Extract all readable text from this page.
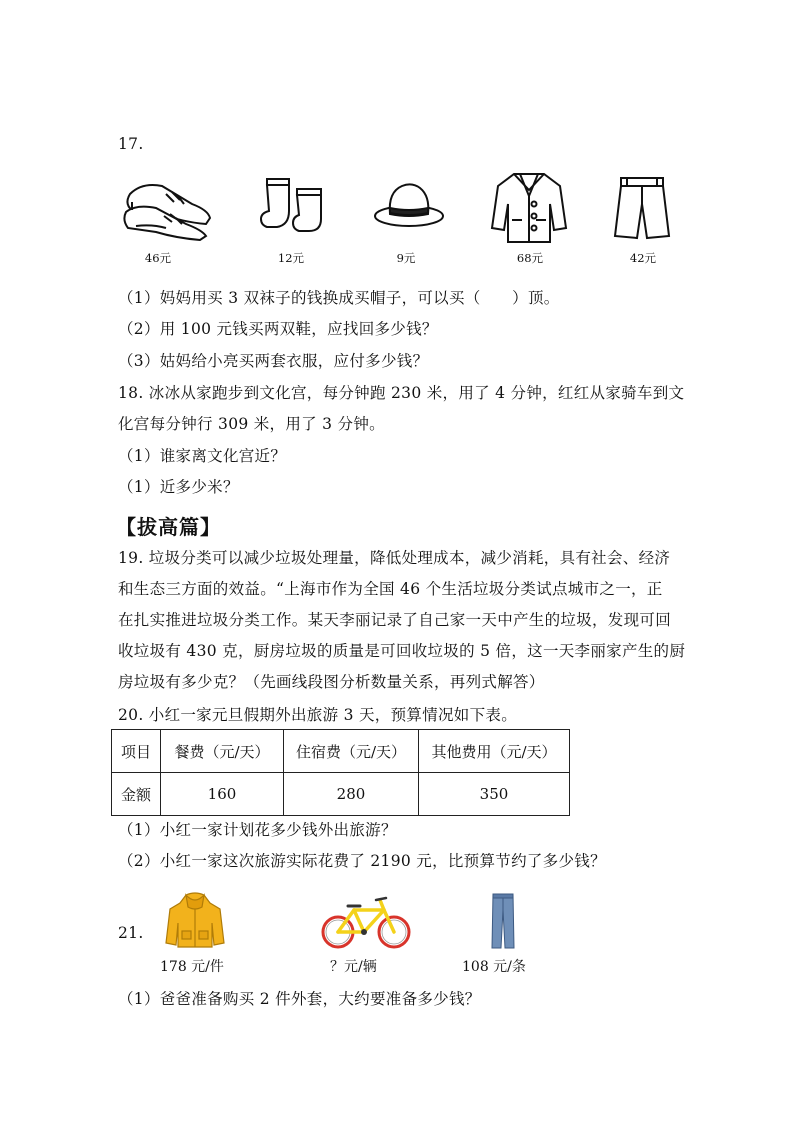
17.
46元	12元	9元	68元	42元
（1）妈妈用买 3 双袜子的钱换成买帽子，可以买（　　）顶。
（2）用 100 元钱买两双鞋，应找回多少钱？
（3）姑妈给小亮买两套衣服，应付多少钱？
18. 冰冰从家跑步到文化宫，每分钟跑 230 米，用了 4 分钟，红红从家骑车到文
化宫每分钟行 309 米，用了 3 分钟。
（1）谁家离文化宫近？
（1）近多少米？
【拔高篇】
19. 垃圾分类可以减少垃圾处理量，降低处理成本，减少消耗，具有社会、经济
和生态三方面的效益。“上海市作为全国 46 个生活垃圾分类试点城市之一，正
在扎实推进垃圾分类工作。某天李丽记录了自己家一天中产生的垃圾，发现可回
收垃圾有 430 克，厨房垃圾的质量是可回收垃圾的 5 倍，这一天李丽家产生的厨
房垃圾有多少克？（先画线段图分析数量关系，再列式解答）
20. 小红一家元旦假期外出旅游 3 天，预算情况如下表。
项目	餐费（元/天）	住宿费（元/天）	其他费用（元/天）
金额	160	280	350
（1）小红一家计划花多少钱外出旅游？
（2）小红一家这次旅游实际花费了 2190 元，比预算节约了多少钱？
21.
178 元/件	？元/辆	108 元/条
（1）爸爸准备购买 2 件外套，大约要准备多少钱？
